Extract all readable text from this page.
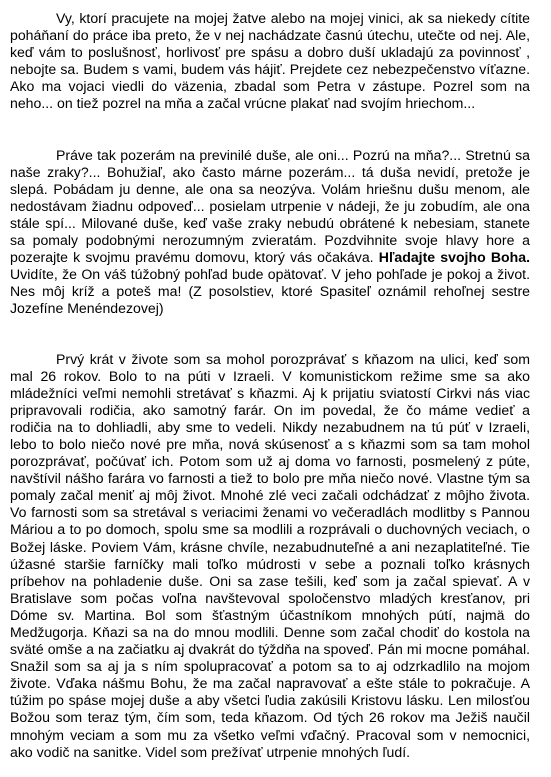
Vy, ktorí pracujete na mojej žatve alebo na mojej vinici, ak sa niekedy cítite poháňaní do práce iba preto, že v nej nachádzate časnú útechu, utečte od nej. Ale, keď vám to poslušnosť, horlivosť pre spásu a dobro duší ukladajú za povinnosť , nebojte sa. Budem s vami, budem vás hájiť. Prejdete cez nebezpečenstvo víťazne. Ako ma vojaci viedli do väzenia, zbadal som Petra v zástupe. Pozrel som na neho... on tiež pozrel na mňa a začal vrúcne plakať nad svojím hriechom...

Práve tak pozerám na previnilé duše, ale oni... Pozrú na mňa?... Stretnú sa naše zraky?... Bohužiaľ, ako často márne pozerám... tá duša nevidí, pretože je slepá. Pobádam ju denne, ale ona sa neozýva. Volám hriešnu dušu menom, ale nedostávam žiadnu odpoveď... posielam utrpenie v nádeji, že ju zobudím, ale ona stále spí... Milované duše, keď vaše zraky nebudú obrátené k nebesiam, stanete sa pomaly podobnými nerozumným zvieratám. Pozdvihnite svoje hlavy hore a pozerajte k svojmu pravému domovu, ktorý vás očakáva. Hľadajte svojho Boha. Uvidíte, že On váš túžobný pohľad bude opätovať. V jeho pohľade je pokoj a život. Nes môj kríž a poteš ma! (Z posolstiev, ktoré Spasiteľ oznámil rehoľnej sestre Jozefíne Menéndezovej)

Prvý krát v živote som sa mohol porozprávať s kňazom na ulici, keď som mal 26 rokov. Bolo to na púti v Izraeli. V komunistickom režime sme sa ako mládežníci veľmi nemohli stretávať s kňazmi. Aj k prijatiu sviatostí Cirkvi nás viac pripravovali rodičia, ako samotný farár. On im povedal, že čo máme vedieť a rodičia na to dohliadli, aby sme to vedeli. Nikdy nezabudnem na tú púť v Izraeli, lebo to bolo niečo nové pre mňa, nová skúsenosť a s kňazmi som sa tam mohol porozprávať, počúvať ich. Potom som už aj doma vo farnosti, posmelený z púte, navštívil nášho farára vo farnosti a tiež to bolo pre mňa niečo nové. Vlastne tým sa pomaly začal meniť aj môj život. Mnohé zlé veci začali odchádzať z môjho života. Vo farnosti som sa stretával s veriacimi ženami vo večeradlách modlitby s Pannou Máriou a to po domoch, spolu sme sa modlili a rozprávali o duchovných veciach, o Božej láske. Poviem Vám, krásne chvíle, nezabudnuteľné a ani nezaplatiteľné. Tie úžasné staršie farníčky mali toľko múdrosti v sebe a poznali toľko krásnych príbehov na pohladenie duše. Oni sa zase tešili, keď som ja začal spievať. A v Bratislave som počas voľna navštevoval spoločenstvo mladých kresťanov, pri Dóme sv. Martina. Bol som šťastným účastníkom mnohých pútí, najmä do Medžugorja. Kňazi sa na do mnou modlili. Denne som začal chodiť do kostola na sväté omše a na začiatku aj dvakrát do týždňa na spoveď. Pán mi mocne pomáhal. Snažil som sa aj ja s ním spolupracovať a potom sa to aj odzrkadlilo na mojom živote. Vďaka nášmu Bohu, že ma začal napravovať a ešte stále to pokračuje. A túžim po spáse mojej duše a aby všetci ľudia zakúsili Kristovu lásku. Len milosťou Božou som teraz tým, čím som, teda kňazom. Od tých 26 rokov ma Ježiš naučil mnohým veciam a som mu za všetko veľmi vďačný. Pracoval som v nemocnici, ako vodič na sanitke. Videl som prežívať utrpenie mnohých ľudí.
